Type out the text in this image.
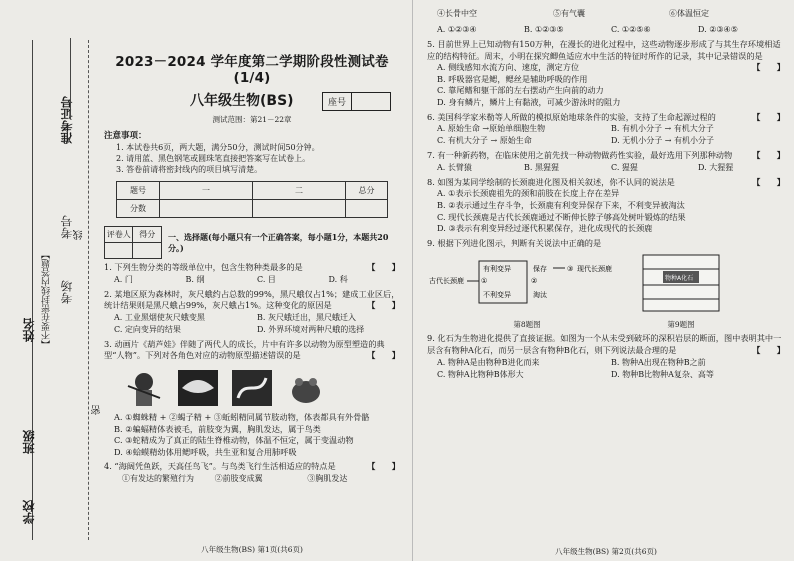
准考证号
考号
考场
线
姓名 【不要在密封线内答题】
密
班级
学校
2023－2024 学年度第二学期阶段性测试卷(1/4)
八年级生物(BS)	座号
测试范围：第21－22章
注意事项：
1. 本试卷共6页，两大题，满分50分，测试时间50分钟。
2. 请用蓝、黑色钢笔或圆珠笔直接把答案写在试卷上。
3. 答卷前请将密封线内的项目填写清楚。
题号	一	二	总分
分数			
评卷人	得分
	一、选择题(每小题只有一个正确答案，每小题1分，本题共20分。)
1. 下列生物分类的等级单位中，包含生物种类最多的是	【　　】
A. 门	B. 纲	C. 目	D. 科
2. 某地区原为森林时，灰尺蛾约占总数的99%，黑尺蛾仅占1%；建成工业区后，统计结果则是黑尺蛾占99%，灰尺蛾占1%。这种变化的原因是	【　　】
A. 工业黑烟使灰尺蛾变黑	B. 灰尺蛾迁出，黑尺蛾迁入
C. 定向变异的结果	D. 外界环境对两种尺蛾的选择
3. 动画片《葫芦娃》伴随了两代人的成长，片中有许多以动物为原型塑造的典型“人物”。下列对各角色对应的动物原型描述错误的是	【　　】
A. ①蜘蛛精 + ②蝎子精 + ③蚯蚓精同属节肢动物，体表都具有外骨骼
B. ②蝙蝠精体表被毛，前肢变为翼，胸肌发达，属于鸟类
C. ③蛇精成为了真正的陆生脊椎动物，体温不恒定，属于变温动物
D. ④蛤蟆精幼体用鳃呼吸，共生亚和复合用肺呼吸
4. “海阔凭鱼跃，天高任鸟飞”。与鸟类飞行生活相适应的特点是	【　　】
①有发达的繁殖行为	②前肢变成翼	③胸肌发达
八年级生物(BS) 第1页(共6页)
④长骨中空	⑤有气囊	⑥体温恒定
A. ①②③④	B. ①②③⑤	C. ①②⑤⑥	D. ②③④⑤
5. 目前世界上已知动物有150万种，在漫长的进化过程中，这些动物逐步形成了与其生存环境相适应的结构特征。周末，小明在探究鲫鱼适应水中生活的特征时所作的记录，其中记录错误的是
【　　】
A. 侧线感知水流方向、速度，测定方位
B. 呼吸器官是鳃，鳃丝是辅助呼吸的作用
C. 靠尾鳍和躯干部的左右摆动产生向前的动力
D. 身有鳞片，鳞片上有黏液，可减少游泳时的阻力
6. 美国科学家米勒等人所做的模拟原始地球条件的实验，支持了生命起源过程的	【　　】
A. 原始生命 →原始单细胞生物	B. 有机小分子 → 有机大分子
C. 有机大分子 → 原始生命	D. 无机小分子 → 有机小分子
7. 有一种新药物，在临床使用之前先找一种动物做药性实验，最好选用下列那种动物 【　　】
A. 长臂猿	B. 黑猩猩	C. 猩猩	D. 大猩猩
8. 如图为某同学绘制的长颈鹿进化图及相关叙述，你不认同的说法是	【　　】
A. ①表示长颈鹿祖先的颈和前肢在长度上存在差异
B. ②表示通过生存斗争，长颈鹿有利变异保存下来，不利变异被淘汰
C. 现代长颈鹿是古代长颈鹿通过不断伸长脖子够高处树叶锻炼的结果
D. ③表示有利变异经过逐代积累保存，进化成现代的长颈鹿
9. 根据下列进化图示，判断有关说法中正确的是
古代长颈鹿
有利变异
不利变异
①
保存
淘汰
②
③ 现代长颈鹿
第8题图
物种A化石
第9题图
9. 化石为生物进化提供了直接证据。如图为一个从未受到破坏的深积岩层的断面，图中表明其中一层含有物种A化石，而另一层含有物种B化石，则下列说法最合理的是	【　　】
A. 物种A是由物种B进化而来	B. 物种A出现在物种B之前
C. 物种A比物种B体形大	D. 物种B比物种A复杂、高等
八年级生物(BS) 第2页(共6页)
